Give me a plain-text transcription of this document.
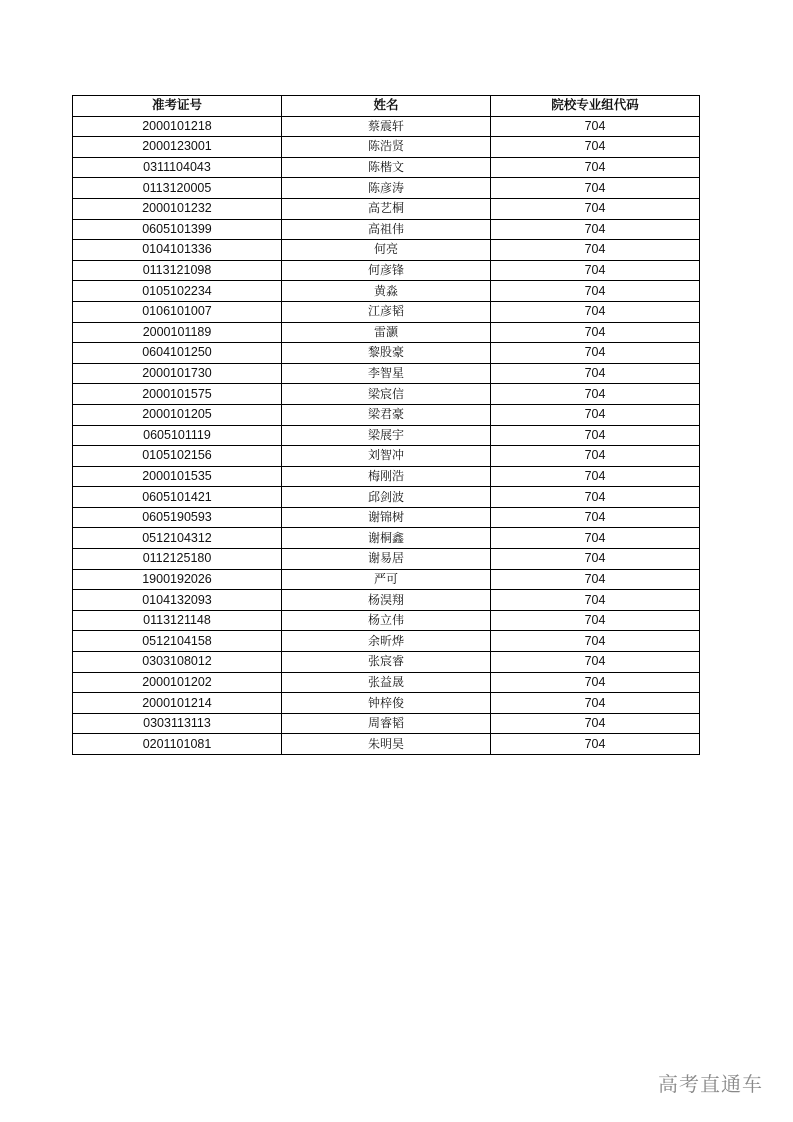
准考证号	姓名	院校专业组代码
2000101218	蔡震轩	704
2000123001	陈浩贤	704
0311104043	陈楷文	704
0113120005	陈彦涛	704
2000101232	高艺桐	704
0605101399	高祖伟	704
0104101336	何亮	704
0113121098	何彦锋	704
0105102234	黄淼	704
0106101007	江彦韬	704
2000101189	雷灏	704
0604101250	黎股豪	704
2000101730	李智星	704
2000101575	梁宸信	704
2000101205	梁君豪	704
0605101119	梁展宇	704
0105102156	刘智冲	704
2000101535	梅刚浩	704
0605101421	邱剑波	704
0605190593	谢锦树	704
0512104312	谢桐鑫	704
0112125180	谢易居	704
1900192026	严可	704
0104132093	杨淏翔	704
0113121148	杨立伟	704
0512104158	余昕烨	704
0303108012	张宸睿	704
2000101202	张益晟	704
2000101214	钟梓俊	704
0303113113	周睿韬	704
0201101081	朱明昊	704
高考直通车
